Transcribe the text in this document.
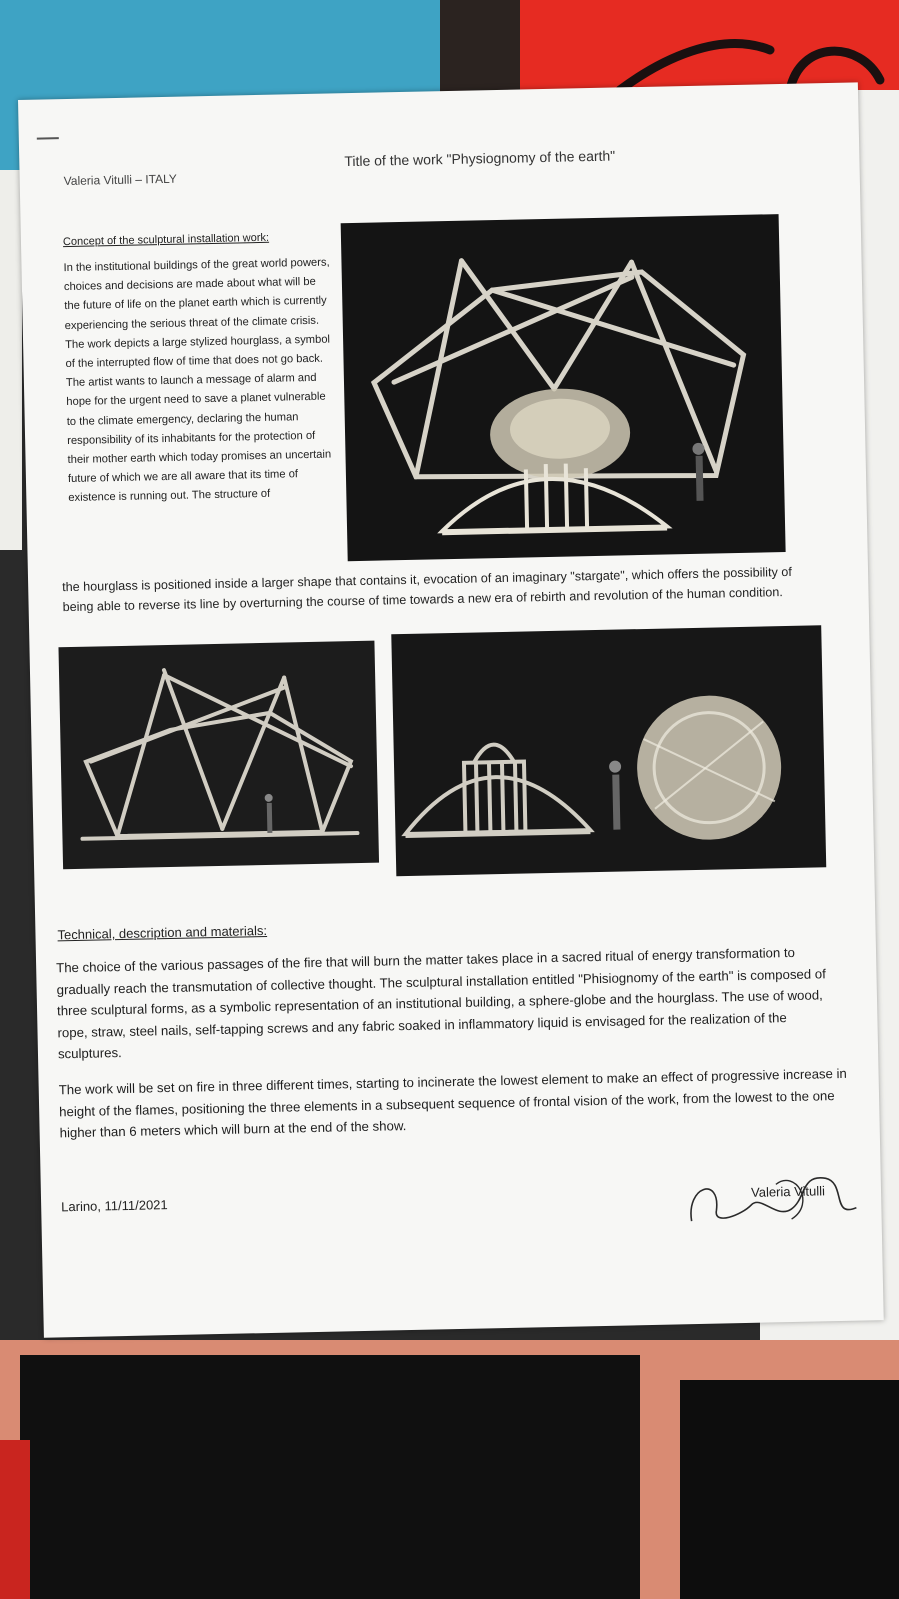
Valeria Vitulli – ITALY
Title of the work "Physiognomy of the earth"
Concept of the sculptural installation work:
In the institutional buildings of the great world powers, choices and decisions are made about what will be the future of life on the planet earth which is currently experiencing the serious threat of the climate crisis. The work depicts a large stylized hourglass, a symbol of the interrupted flow of time that does not go back. The artist wants to launch a message of alarm and hope for the urgent need to save a planet vulnerable to the climate emergency, declaring the human responsibility of its inhabitants for the protection of their mother earth which today promises an uncertain future of which we are all aware that its time of existence is running out. The structure of
the hourglass is positioned inside a larger shape that contains it, evocation of an imaginary "stargate", which offers the possibility of being able to reverse its line by overturning the course of time towards a new era of rebirth and revolution of the human condition.
Technical, description and materials:
The choice of the various passages of the fire that will burn the matter takes place in a sacred ritual of energy transformation to gradually reach the transmutation of collective thought. The sculptural installation entitled "Phisiognomy of the earth" is composed of three sculptural forms, as a symbolic representation of an institutional building, a sphere-globe and the hourglass. The use of wood, rope, straw, steel nails, self-tapping screws and any fabric soaked in inflammatory liquid is envisaged for the realization of the sculptures.
The work will be set on fire in three different times, starting to incinerate the lowest element to make an effect of progressive increase in height of the flames, positioning the three elements in a subsequent sequence of frontal vision of the work, from the lowest to the one higher than 6 meters which will burn at the end of the show.
Larino, 11/11/2021
Valeria Vitulli
